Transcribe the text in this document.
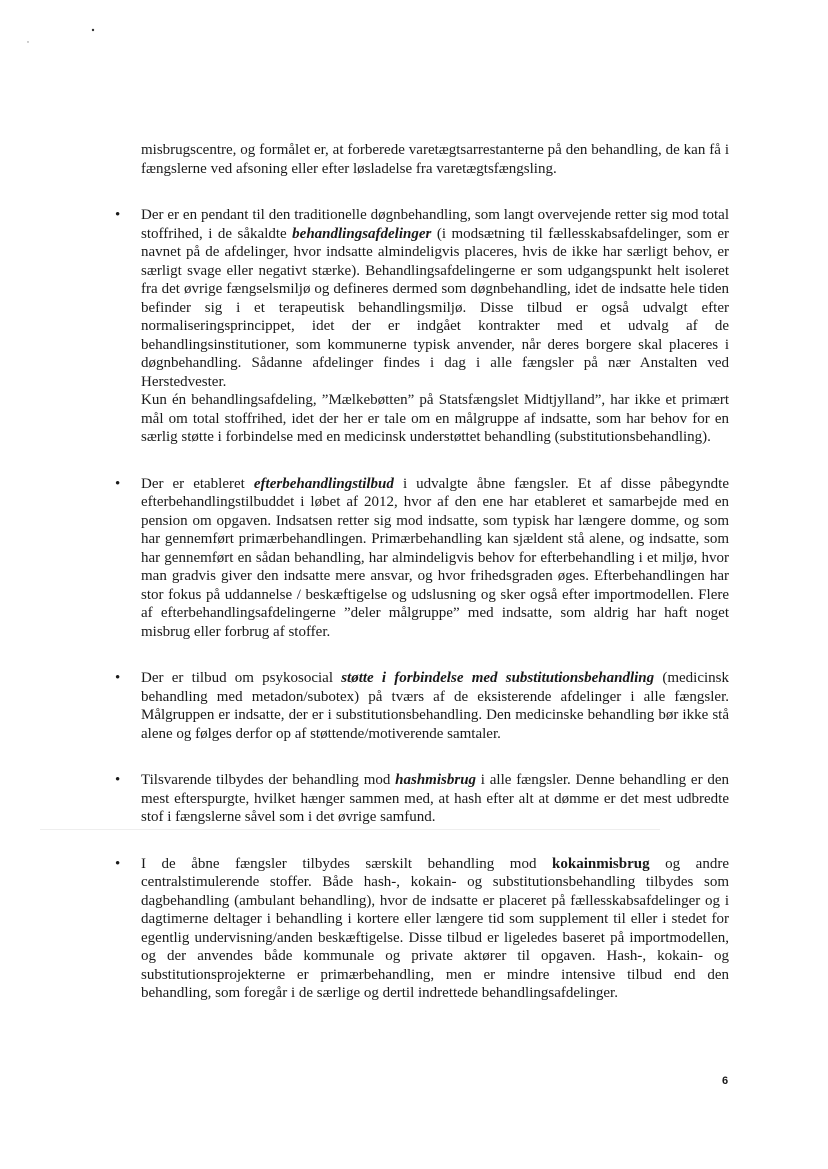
misbrugscentre, og formålet er, at forberede varetægtsarrestanterne på den behandling, de kan få i fængslerne ved afsoning eller efter løsladelse fra varetægtsfængsling.

• Der er en pendant til den traditionelle døgnbehandling, som langt overvejende retter sig mod total stoffrihed, i de såkaldte behandlingsafdelinger (i modsætning til fællesskabsafdelinger, som er navnet på de afdelinger, hvor indsatte almindeligvis placeres, hvis de ikke har særligt behov, er særligt svage eller negativt stærke). Behandlingsafdelingerne er som udgangspunkt helt isoleret fra det øvrige fængselsmiljø og defineres dermed som døgnbehandling, idet de indsatte hele tiden befinder sig i et terapeutisk behandlingsmiljø. Disse tilbud er også udvalgt efter normaliseringsprincippet, idet der er indgået kontrakter med et udvalg af de behandlingsinstitutioner, som kommunerne typisk anvender, når deres borgere skal placeres i døgnbehandling. Sådanne afdelinger findes i dag i alle fængsler på nær Anstalten ved Herstedvester.

Kun én behandlingsafdeling, ”Mælkebøtten” på Statsfængslet Midtjylland”, har ikke et primært mål om total stoffrihed, idet der her er tale om en målgruppe af indsatte, som har behov for en særlig støtte i forbindelse med en medicinsk understøttet behandling (substitutionsbehandling).

• Der er etableret efterbehandlingstilbud i udvalgte åbne fængsler. Et af disse påbegyndte efterbehandlingstilbuddet i løbet af 2012, hvor af den ene har etableret et samarbejde med en pension om opgaven. Indsatsen retter sig mod indsatte, som typisk har længere domme, og som har gennemført primærbehandlingen. Primærbehandling kan sjældent stå alene, og indsatte, som har gennemført en sådan behandling, har almindeligvis behov for efterbehandling i et miljø, hvor man gradvis giver den indsatte mere ansvar, og hvor frihedsgraden øges. Efterbehandlingen har stor fokus på uddannelse / beskæftigelse og udslusning og sker også efter importmodellen. Flere af efterbehandlingsafdelingerne ”deler målgruppe” med indsatte, som aldrig har haft noget misbrug eller forbrug af stoffer.

• Der er tilbud om psykosocial støtte i forbindelse med substitutionsbehandling (medicinsk behandling med metadon/subotex) på tværs af de eksisterende afdelinger i alle fængsler. Målgruppen er indsatte, der er i substitutionsbehandling. Den medicinske behandling bør ikke stå alene og følges derfor op af støttende/motiverende samtaler.

• Tilsvarende tilbydes der behandling mod hashmisbrug i alle fængsler. Denne behandling er den mest efterspurgte, hvilket hænger sammen med, at hash efter alt at dømme er det mest udbredte stof i fængslerne såvel som i det øvrige samfund.

• I de åbne fængsler tilbydes særskilt behandling mod kokainmisbrug og andre centralstimulerende stoffer. Både hash-, kokain- og substitutionsbehandling tilbydes som dagbehandling (ambulant behandling), hvor de indsatte er placeret på fællesskabsafdelinger og i dagtimerne deltager i behandling i kortere eller længere tid som supplement til eller i stedet for egentlig undervisning/anden beskæftigelse. Disse tilbud er ligeledes baseret på importmodellen, og der anvendes både kommunale og private aktører til opgaven. Hash-, kokain- og substitutionsprojekterne er primærbehandling, men er mindre intensive tilbud end den behandling, som foregår i de særlige og dertil indrettede behandlingsafdelinger.

6
